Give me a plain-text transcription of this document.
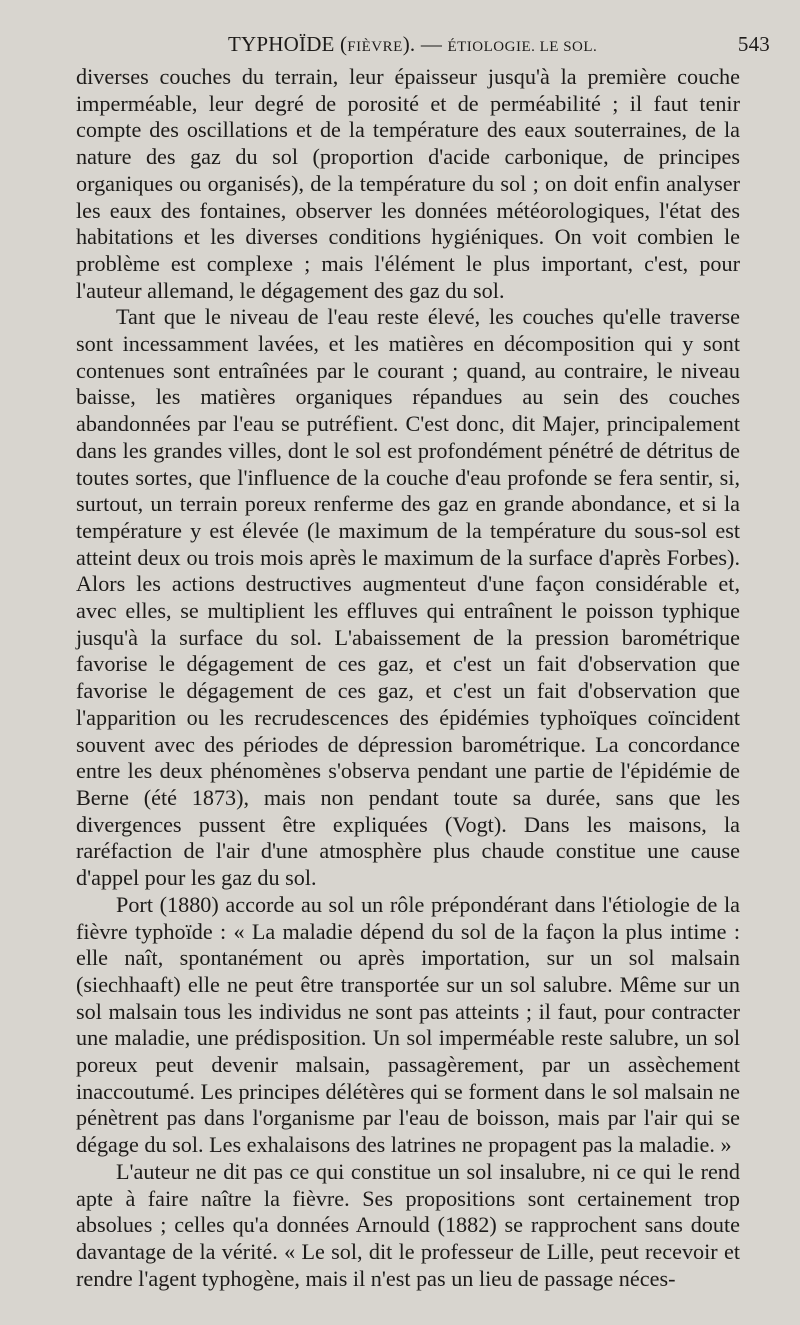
TYPHOÏDE (FIÈVRE). — ÉTIOLOGIE. LE SOL.	543

diverses couches du terrain, leur épaisseur jusqu'à la première couche imperméable, leur degré de porosité et de perméabilité ; il faut tenir compte des oscillations et de la température des eaux souterraines, de la nature des gaz du sol (proportion d'acide carbonique, de principes organiques ou organisés), de la température du sol ; on doit enfin analyser les eaux des fontaines, observer les données météorologiques, l'état des habitations et les diverses conditions hygiéniques. On voit combien le problème est complexe ; mais l'élément le plus important, c'est, pour l'auteur allemand, le dégagement des gaz du sol.

Tant que le niveau de l'eau reste élevé, les couches qu'elle traverse sont incessamment lavées, et les matières en décomposition qui y sont contenues sont entraînées par le courant ; quand, au contraire, le niveau baisse, les matières organiques répandues au sein des couches abandonnées par l'eau se putréfient. C'est donc, dit Majer, principalement dans les grandes villes, dont le sol est profondément pénétré de détritus de toutes sortes, que l'influence de la couche d'eau profonde se fera sentir, si, surtout, un terrain poreux renferme des gaz en grande abondance, et si la température y est élevée (le maximum de la température du sous-sol est atteint deux ou trois mois après le maximum de la surface d'après Forbes). Alors les actions destructives augmenteut d'une façon considérable et, avec elles, se multiplient les effluves qui entraînent le poisson typhique jusqu'à la surface du sol. L'abaissement de la pression barométrique favorise le dégagement de ces gaz, et c'est un fait d'observation que favorise le dégagement de ces gaz, et c'est un fait d'observation que l'apparition ou les recrudescences des épidémies typhoïques coïncident souvent avec des périodes de dépression barométrique. La concordance entre les deux phénomènes s'observa pendant une partie de l'épidémie de Berne (été 1873), mais non pendant toute sa durée, sans que les divergences pussent être expliquées (Vogt). Dans les maisons, la raréfaction de l'air d'une atmosphère plus chaude constitue une cause d'appel pour les gaz du sol.

Port (1880) accorde au sol un rôle prépondérant dans l'étiologie de la fièvre typhoïde : « La maladie dépend du sol de la façon la plus intime : elle naît, spontanément ou après importation, sur un sol malsain (siechhaaft) elle ne peut être transportée sur un sol salubre. Même sur un sol malsain tous les individus ne sont pas atteints ; il faut, pour contracter une maladie, une prédisposition. Un sol imperméable reste salubre, un sol poreux peut devenir malsain, passagèrement, par un assèchement inaccoutumé. Les principes délétères qui se forment dans le sol malsain ne pénètrent pas dans l'organisme par l'eau de boisson, mais par l'air qui se dégage du sol. Les exhalaisons des latrines ne propagent pas la maladie. »

L'auteur ne dit pas ce qui constitue un sol insalubre, ni ce qui le rend apte à faire naître la fièvre. Ses propositions sont certainement trop absolues ; celles qu'a données Arnould (1882) se rapprochent sans doute davantage de la vérité. « Le sol, dit le professeur de Lille, peut recevoir et rendre l'agent typhogène, mais il n'est pas un lieu de passage néces-
